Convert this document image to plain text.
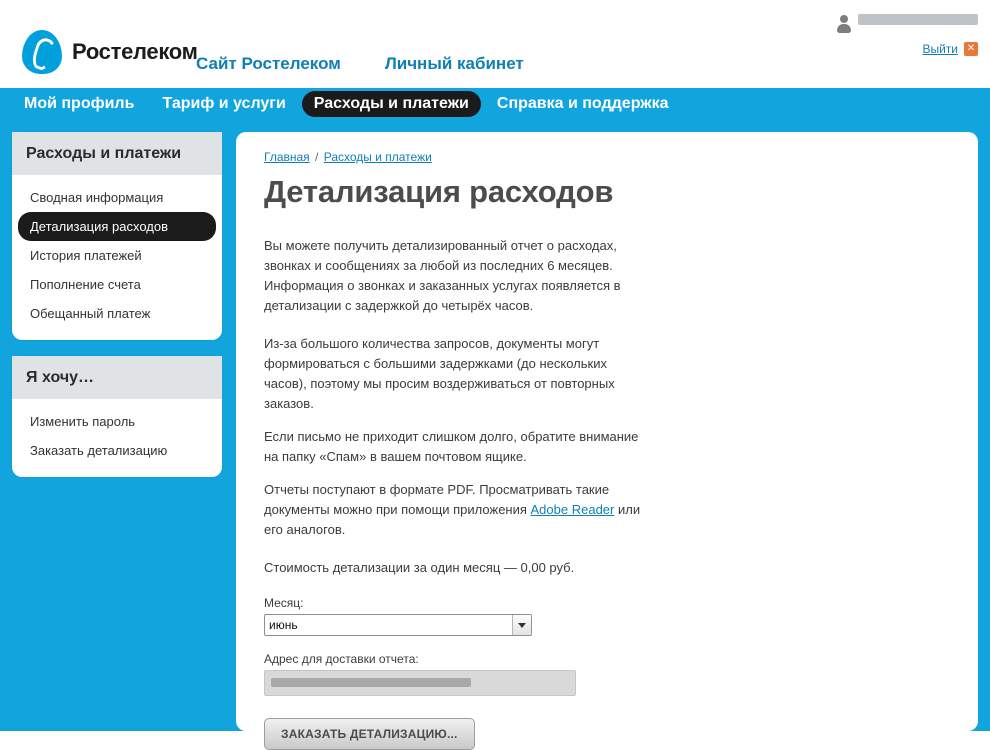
Ростелеком
Сайт Ростелеком	Личный кабинет
Выйти ✕
Мой профиль	Тариф и услуги	Расходы и платежи	Справка и поддержка
Расходы и платежи
Сводная информация
Детализация расходов
История платежей
Пополнение счета
Обещанный платеж
Я хочу…
Изменить пароль
Заказать детализацию
Главная / Расходы и платежи
Детализация расходов

Вы можете получить детализированный отчет о расходах, звонках и сообщениях за любой из последних 6 месяцев. Информация о звонках и заказанных услугах появляется в детализации с задержкой до четырёх часов.

Из-за большого количества запросов, документы могут формироваться с большими задержками (до нескольких часов), поэтому мы просим воздерживаться от повторных заказов.

Если письмо не приходит слишком долго, обратите внимание на папку «Спам» в вашем почтовом ящике.

Отчеты поступают в формате PDF. Просматривать такие документы можно при помощи приложения Adobe Reader или его аналогов.

Стоимость детализации за один месяц — 0,00 руб.

Месяц:
июнь
Адрес для доставки отчета:
ЗАКАЗАТЬ ДЕТАЛИЗАЦИЮ...
